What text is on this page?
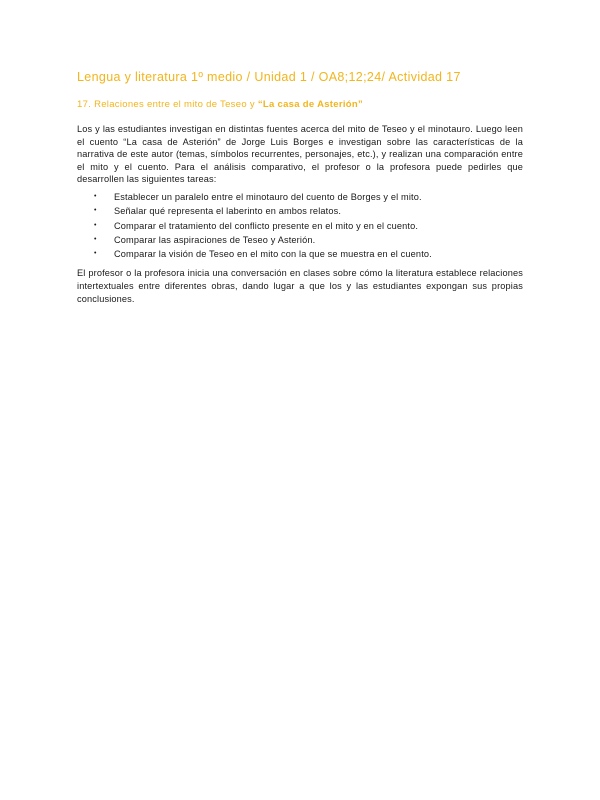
Lengua y literatura 1º medio / Unidad 1 / OA8;12;24/ Actividad 17
17. Relaciones entre el mito de Teseo y “La casa de Asterión”

Los y las estudiantes investigan en distintas fuentes acerca del mito de Teseo y el minotauro. Luego leen el cuento “La casa de Asterión” de Jorge Luis Borges e investigan sobre las características de la narrativa de este autor (temas, símbolos recurrentes, personajes, etc.), y realizan una comparación entre el mito y el cuento. Para el análisis comparativo, el profesor o la profesora puede pedirles que desarrollen las siguientes tareas:

• Establecer un paralelo entre el minotauro del cuento de Borges y el mito.
• Señalar qué representa el laberinto en ambos relatos.
• Comparar el tratamiento del conflicto presente en el mito y en el cuento.
• Comparar las aspiraciones de Teseo y Asterión.
• Comparar la visión de Teseo en el mito con la que se muestra en el cuento.

El profesor o la profesora inicia una conversación en clases sobre cómo la literatura establece relaciones intertextuales entre diferentes obras, dando lugar a que los y las estudiantes expongan sus propias conclusiones.
